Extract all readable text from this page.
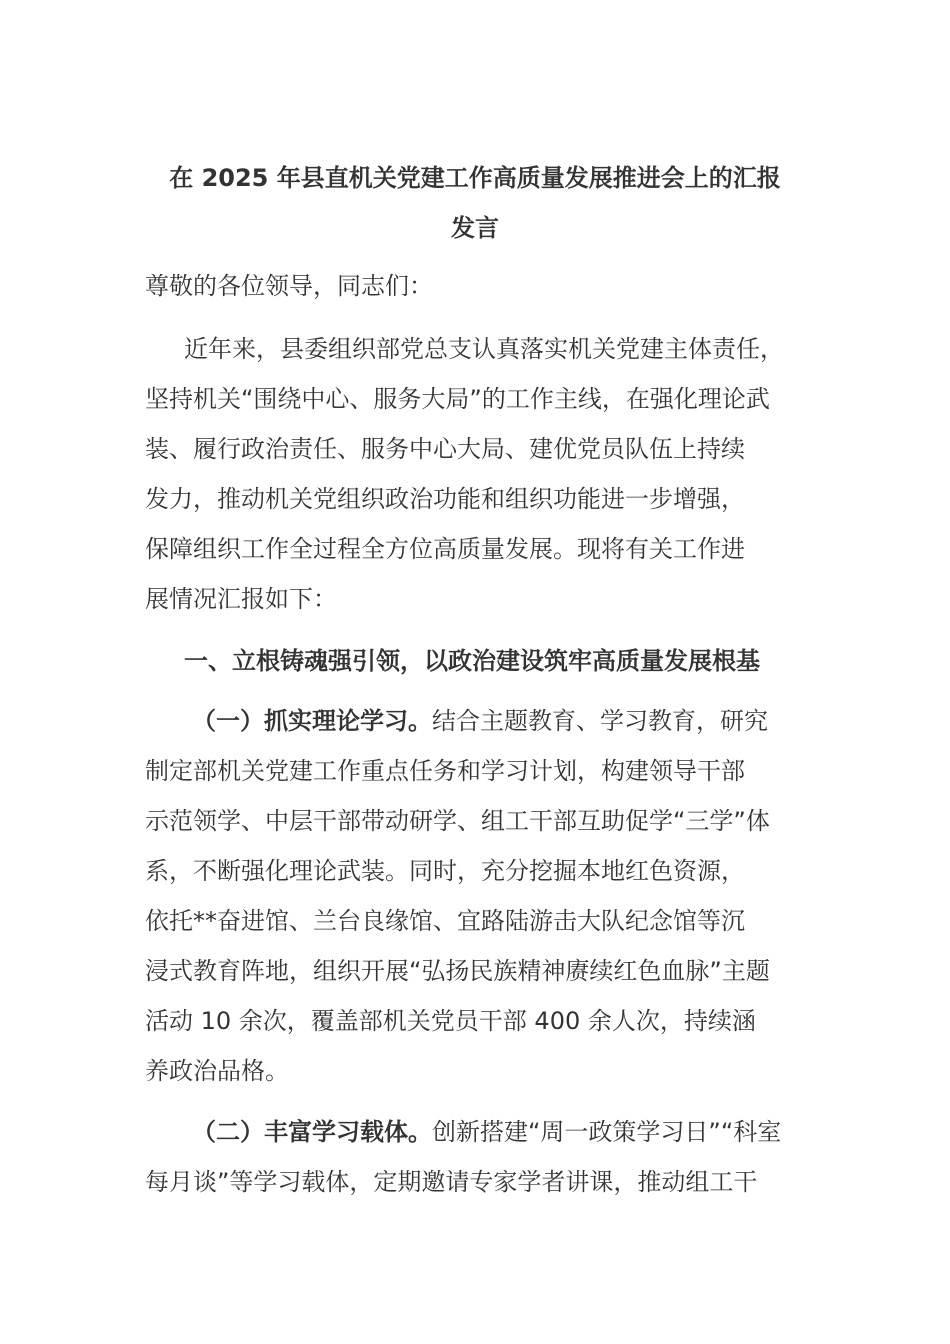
在 2025 年县直机关党建工作高质量发展推进会上的汇报
发言
尊敬的各位领导，同志们：
近年来，县委组织部党总支认真落实机关党建主体责任，
坚持机关“围绕中心、服务大局”的工作主线，在强化理论武
装、履行政治责任、服务中心大局、建优党员队伍上持续
发力，推动机关党组织政治功能和组织功能进一步增强，
保障组织工作全过程全方位高质量发展。现将有关工作进
展情况汇报如下：
一、立根铸魂强引领，以政治建设筑牢高质量发展根基
（一）抓实理论学习。结合主题教育、学习教育，研究
制定部机关党建工作重点任务和学习计划，构建领导干部
示范领学、中层干部带动研学、组工干部互助促学“三学”体
系，不断强化理论武装。同时，充分挖掘本地红色资源，
依托**奋进馆、兰台良缘馆、宜路陆游击大队纪念馆等沉
浸式教育阵地，组织开展“弘扬民族精神赓续红色血脉”主题
活动 10 余次，覆盖部机关党员干部 400 余人次，持续涵
养政治品格。
（二）丰富学习载体。创新搭建“周一政策学习日”“科室
每月谈”等学习载体，定期邀请专家学者讲课，推动组工干
